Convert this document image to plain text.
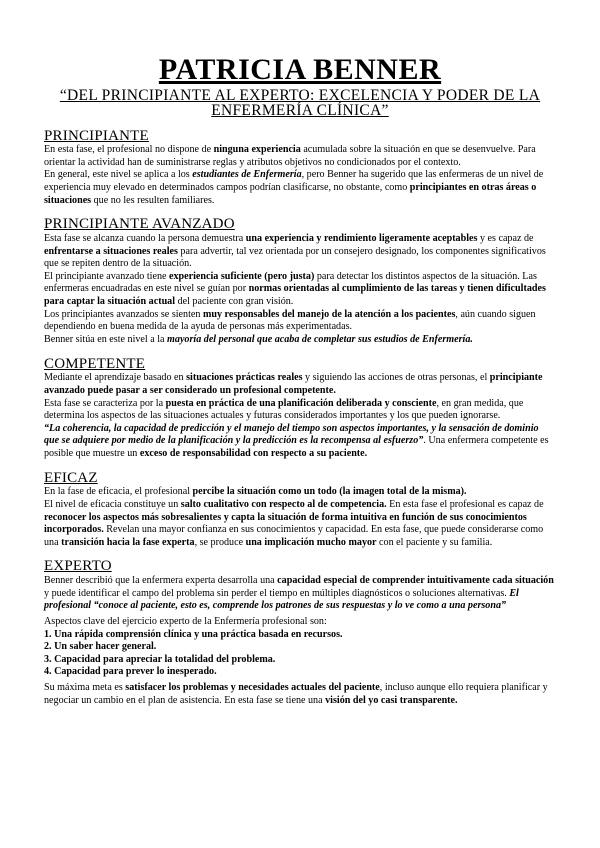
PATRICIA BENNER
“DEL PRINCIPIANTE AL EXPERTO: EXCELENCIA Y PODER DE LA ENFERMERÍA CLÍNICA”
PRINCIPIANTE

En esta fase, el profesional no dispone de ninguna experiencia acumulada sobre la situación en que se desenvuelve. Para orientar la actividad han de suministrarse reglas y atributos objetivos no condicionados por el contexto.

En general, este nivel se aplica a los estudiantes de Enfermería, pero Benner ha sugerido que las enfermeras de un nivel de experiencia muy elevado en determinados campos podrían clasificarse, no obstante, como principiantes en otras áreas o situaciones que no les resulten familiares.

PRINCIPIANTE AVANZADO

Esta fase se alcanza cuando la persona demuestra una experiencia y rendimiento ligeramente aceptables y es capaz de enfrentarse a situaciones reales para advertir, tal vez orientada por un consejero designado, los componentes significativos que se repiten dentro de la situación.

El principiante avanzado tiene experiencia suficiente (pero justa) para detectar los distintos aspectos de la situación. Las enfermeras encuadradas en este nivel se guían por normas orientadas al cumplimiento de las tareas y tienen dificultades para captar la situación actual del paciente con gran visión.

Los principiantes avanzados se sienten muy responsables del manejo de la atención a los pacientes, aún cuando siguen dependiendo en buena medida de la ayuda de personas más experimentadas.

Benner sitúa en este nivel a la mayoría del personal que acaba de completar sus estudios de Enfermería.

COMPETENTE

Mediante el aprendizaje basado en situaciones prácticas reales y siguiendo las acciones de otras personas, el principiante avanzado puede pasar a ser considerado un profesional competente.

Esta fase se caracteriza por la puesta en práctica de una planificación deliberada y consciente, en gran medida, que determina los aspectos de las situaciones actuales y futuras considerados importantes y los que pueden ignorarse.

“La coherencia, la capacidad de predicción y el manejo del tiempo son aspectos importantes, y la sensación de dominio que se adquiere por medio de la planificación y la predicción es la recompensa al esfuerzo”. Una enfermera competente es posible que muestre un exceso de responsabilidad con respecto a su paciente.

EFICAZ

En la fase de eficacia, el profesional percibe la situación como un todo (la imagen total de la misma).

El nivel de eficacia constituye un salto cualitativo con respecto al de competencia. En esta fase el profesional es capaz de reconocer los aspectos más sobresalientes y capta la situación de forma intuitiva en función de sus conocimientos incorporados. Revelan una mayor confianza en sus conocimientos y capacidad. En esta fase, que puede considerarse como una transición hacia la fase experta, se produce una implicación mucho mayor con el paciente y su familia.

EXPERTO

Benner describió que la enfermera experta desarrolla una capacidad especial de comprender intuitivamente cada situación y puede identificar el campo del problema sin perder el tiempo en múltiples diagnósticos o soluciones alternativas. El profesional “conoce al paciente, esto es, comprende los patrones de sus respuestas y lo ve como a una persona”

Aspectos clave del ejercicio experto de la Enfermería profesional son:

1. Una rápida comprensión clínica y una práctica basada en recursos.
2. Un saber hacer general.
3. Capacidad para apreciar la totalidad del problema.
4. Capacidad para prever lo inesperado.

Su máxima meta es satisfacer los problemas y necesidades actuales del paciente, incluso aunque ello requiera planificar y negociar un cambio en el plan de asistencia. En esta fase se tiene una visión del yo casi transparente.
